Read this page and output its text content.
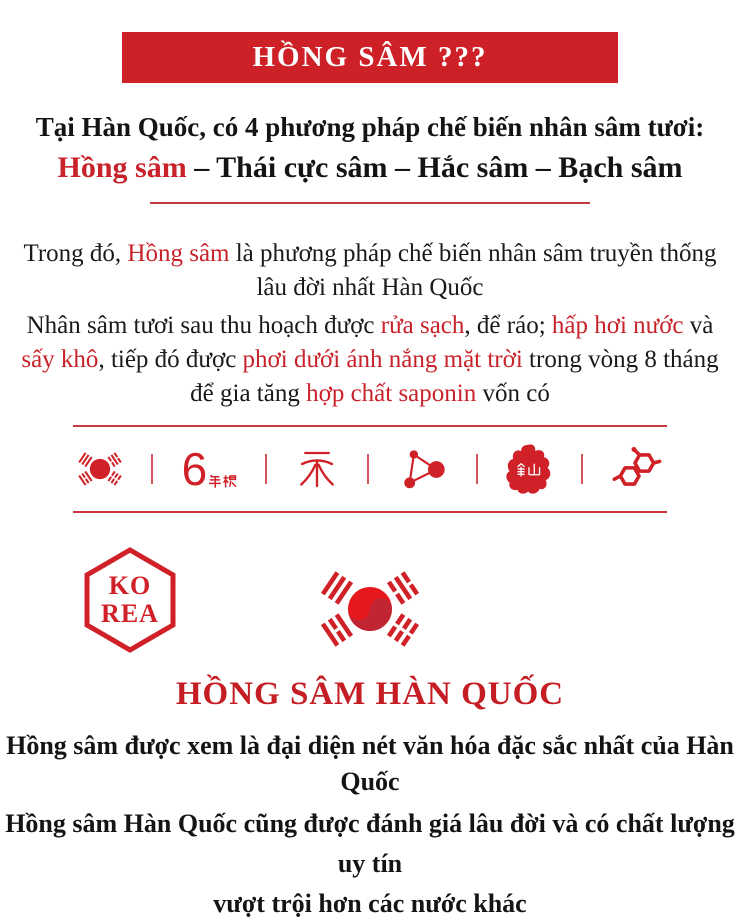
HỒNG SÂM ???
Tại Hàn Quốc, có 4 phương pháp chế biến nhân sâm tươi:
Hồng sâm – Thái cực sâm – Hắc sâm – Bạch sâm
Trong đó, Hồng sâm là phương pháp chế biến nhân sâm truyền thống
lâu đời nhất Hàn Quốc
Nhân sâm tươi sau thu hoạch được rửa sạch, để ráo; hấp hơi nước và
sấy khô, tiếp đó được phơi dưới ánh nắng mặt trời trong vòng 8 tháng
để gia tăng hợp chất saponin vốn có
6
KO
REA
HỒNG SÂM HÀN QUỐC
Hồng sâm được xem là đại diện nét văn hóa đặc sắc nhất của Hàn Quốc
Hồng sâm Hàn Quốc cũng được đánh giá lâu đời và có chất lượng uy tín
vượt trội hơn các nước khác
